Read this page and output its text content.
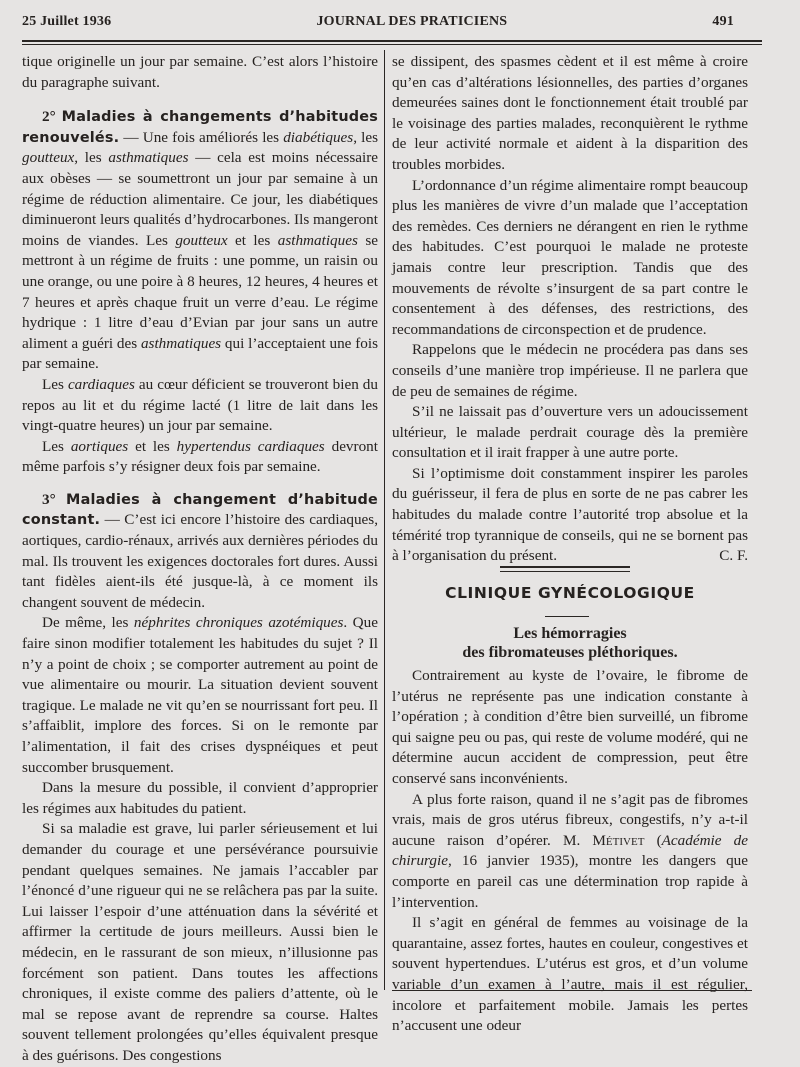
25 Juillet 1936	JOURNAL DES PRATICIENS	491

tique originelle un jour par semaine. C’est alors l’histoire du paragraphe suivant.

2° Maladies à changements d’habitudes renouvelés. — Une fois améliorés les diabétiques, les goutteux, les asthmatiques — cela est moins nécessaire aux obèses — se soumettront un jour par semaine à un régime de réduction alimentaire. Ce jour, les diabétiques diminueront leurs qualités d’hydrocarbones. Ils mangeront moins de viandes. Les goutteux et les asthmatiques se mettront à un régime de fruits : une pomme, un raisin ou une orange, ou une poire à 8 heures, 12 heures, 4 heures et 7 heures et après chaque fruit un verre d’eau. Le régime hydrique : 1 litre d’eau d’Evian par jour sans un autre aliment a guéri des asthmatiques qui l’acceptaient une fois par semaine.

Les cardiaques au cœur déficient se trouveront bien du repos au lit et du régime lacté (1 litre de lait dans les vingt-quatre heures) un jour par semaine.

Les aortiques et les hypertendus cardiaques devront même parfois s’y résigner deux fois par semaine.

3° Maladies à changement d’habitude constant. — C’est ici encore l’histoire des cardiaques, aortiques, cardio-rénaux, arrivés aux dernières périodes du mal. Ils trouvent les exigences doctorales fort dures. Aussi tant fidèles aient-ils été jusque-là, à ce moment ils changent souvent de médecin.

De même, les néphrites chroniques azotémiques. Que faire sinon modifier totalement les habitudes du sujet ? Il n’y a point de choix ; se comporter autrement au point de vue alimentaire ou mourir. La situation devient souvent tragique. Le malade ne vit qu’en se nourrissant fort peu. Il s’affaiblit, implore des forces. Si on le remonte par l’alimentation, il fait des crises dyspnéiques et peut succomber brusquement.

Dans la mesure du possible, il convient d’approprier les régimes aux habitudes du patient.

Si sa maladie est grave, lui parler sérieusement et lui demander du courage et une persévérance poursuivie pendant quelques semaines. Ne jamais l’accabler par l’énoncé d’une rigueur qui ne se relâchera pas par la suite. Lui laisser l’espoir d’une atténuation dans la sévérité et affirmer la certitude de jours meilleurs. Aussi bien le médecin, en le rassurant de son mieux, n’illusionne pas forcément son patient. Dans toutes les affections chroniques, il existe comme des paliers d’attente, où le mal se repose avant de reprendre sa course. Haltes souvent tellement prolongées qu’elles équivalent presque à des guérisons. Des congestions

se dissipent, des spasmes cèdent et il est même à croire qu’en cas d’altérations lésionnelles, des parties d’organes demeurées saines dont le fonctionnement était troublé par le voisinage des parties malades, reconquièrent le rythme de leur activité normale et aident à la disparition des troubles morbides.

L’ordonnance d’un régime alimentaire rompt beaucoup plus les manières de vivre d’un malade que l’acceptation des remèdes. Ces derniers ne dérangent en rien le rythme des habitudes. C’est pourquoi le malade ne proteste jamais contre leur prescription. Tandis que des mouvements de révolte s’insurgent de sa part contre le consentement à des défenses, des restrictions, des recommandations de circonspection et de prudence.

Rappelons que le médecin ne procédera pas dans ses conseils d’une manière trop impérieuse. Il ne parlera que de peu de semaines de régime.

S’il ne laissait pas d’ouverture vers un adoucissement ultérieur, le malade perdrait courage dès la première consultation et il irait frapper à une autre porte.

Si l’optimisme doit constamment inspirer les paroles du guérisseur, il fera de plus en sorte de ne pas cabrer les habitudes du malade contre l’autorité trop absolue et la témérité trop tyrannique de conseils, qui ne se bornent pas à l’organisation du présent.	C. F.

CLINIQUE GYNÉCOLOGIQUE
Les hémorragies
des fibromateuses pléthoriques.

Contrairement au kyste de l’ovaire, le fibrome de l’utérus ne représente pas une indication constante à l’opération ; à condition d’être bien surveillé, un fibrome qui saigne peu ou pas, qui reste de volume modéré, qui ne détermine aucun accident de compression, peut être conservé sans inconvénients.

A plus forte raison, quand il ne s’agit pas de fibromes vrais, mais de gros utérus fibreux, congestifs, n’y a-t-il aucune raison d’opérer. M. Métivet (Académie de chirurgie, 16 janvier 1935), montre les dangers que comporte en pareil cas une détermination trop rapide à l’intervention.

Il s’agit en général de femmes au voisinage de la quarantaine, assez fortes, hautes en couleur, congestives et souvent hypertendues. L’utérus est gros, et d’un volume variable d’un examen à l’autre, mais il est régulier, incolore et parfaitement mobile. Jamais les pertes n’accusent une odeur
